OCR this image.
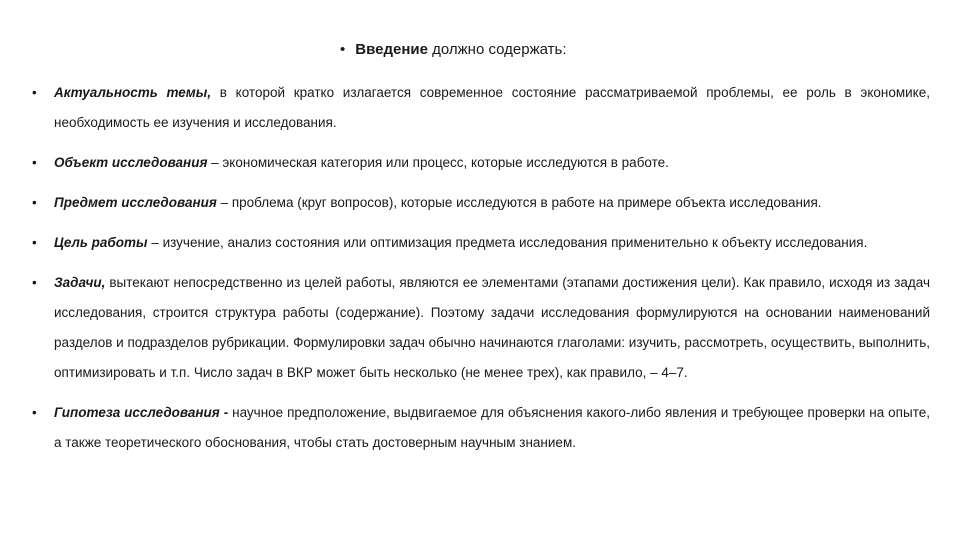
• Введение должно содержать:
• Актуальность темы, в которой кратко излагается современное состояние рассматриваемой проблемы, ее роль в экономике, необходимость ее изучения и исследования.
• Объект исследования – экономическая категория или процесс, которые исследуются в работе.
• Предмет исследования – проблема (круг вопросов), которые исследуются в работе на примере объекта исследования.
• Цель работы – изучение, анализ состояния или оптимизация предмета исследования применительно к объекту исследования.
• Задачи, вытекают непосредственно из целей работы, являются ее элементами (этапами достижения цели). Как правило, исходя из задач исследования, строится структура работы (содержание). Поэтому задачи исследования формулируются на основании наименований разделов и подразделов рубрикации. Формулировки задач обычно начинаются глаголами: изучить, рассмотреть, осуществить, выполнить, оптимизировать и т.п. Число задач в ВКР может быть несколько (не менее трех), как правило, – 4–7.
• Гипотеза исследования - научное предположение, выдвигаемое для объяснения какого-либо явления и требующее проверки на опыте, а также теоретического обоснования, чтобы стать достоверным научным знанием.
